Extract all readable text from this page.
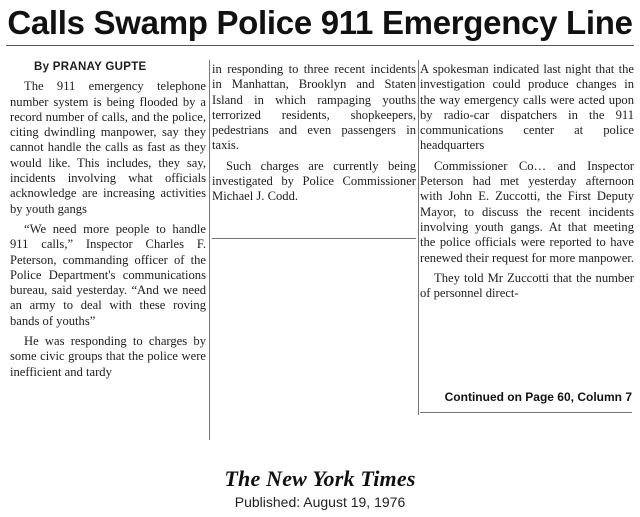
Calls Swamp Police 911 Emergency Line
By PRANAY GUPTE

The 911 emergency telephone number system is being flooded by a record number of calls, and the police, citing dwindling manpower, say they cannot handle the calls as fast as they would like. This includes, they say, incidents involving what officials acknowledge are increasing activities by youth gangs

“We need more people to handle 911 calls,” Inspector Charles F. Peterson, commanding officer of the Police Department's communications bureau, said yesterday. “And we need an army to deal with these roving bands of youths”

He was responding to charges by some civic groups that the police were inefficient and tardy

in responding to three recent incidents in Manhattan, Brooklyn and Staten Island in which rampaging youths terrorized residents, shopkeepers, pedestrians and even passengers in taxis.

Such charges are currently being investigated by Police Commissioner Michael J. Codd.

A spokesman indicated last night that the investigation could produce changes in the way emergency calls were acted upon by radio-car dispatchers in the 911 communications center at police headquarters

Commissioner Co… and Inspector Peterson had met yesterday afternoon with John E. Zuccotti, the First Deputy Mayor, to discuss the recent incidents involving youth gangs. At that meeting the police officials were reported to have renewed their request for more manpower.

They told Mr Zuccotti that the number of personnel direct-

Continued on Page 60, Column 7
The New York Times
Published: August 19, 1976
